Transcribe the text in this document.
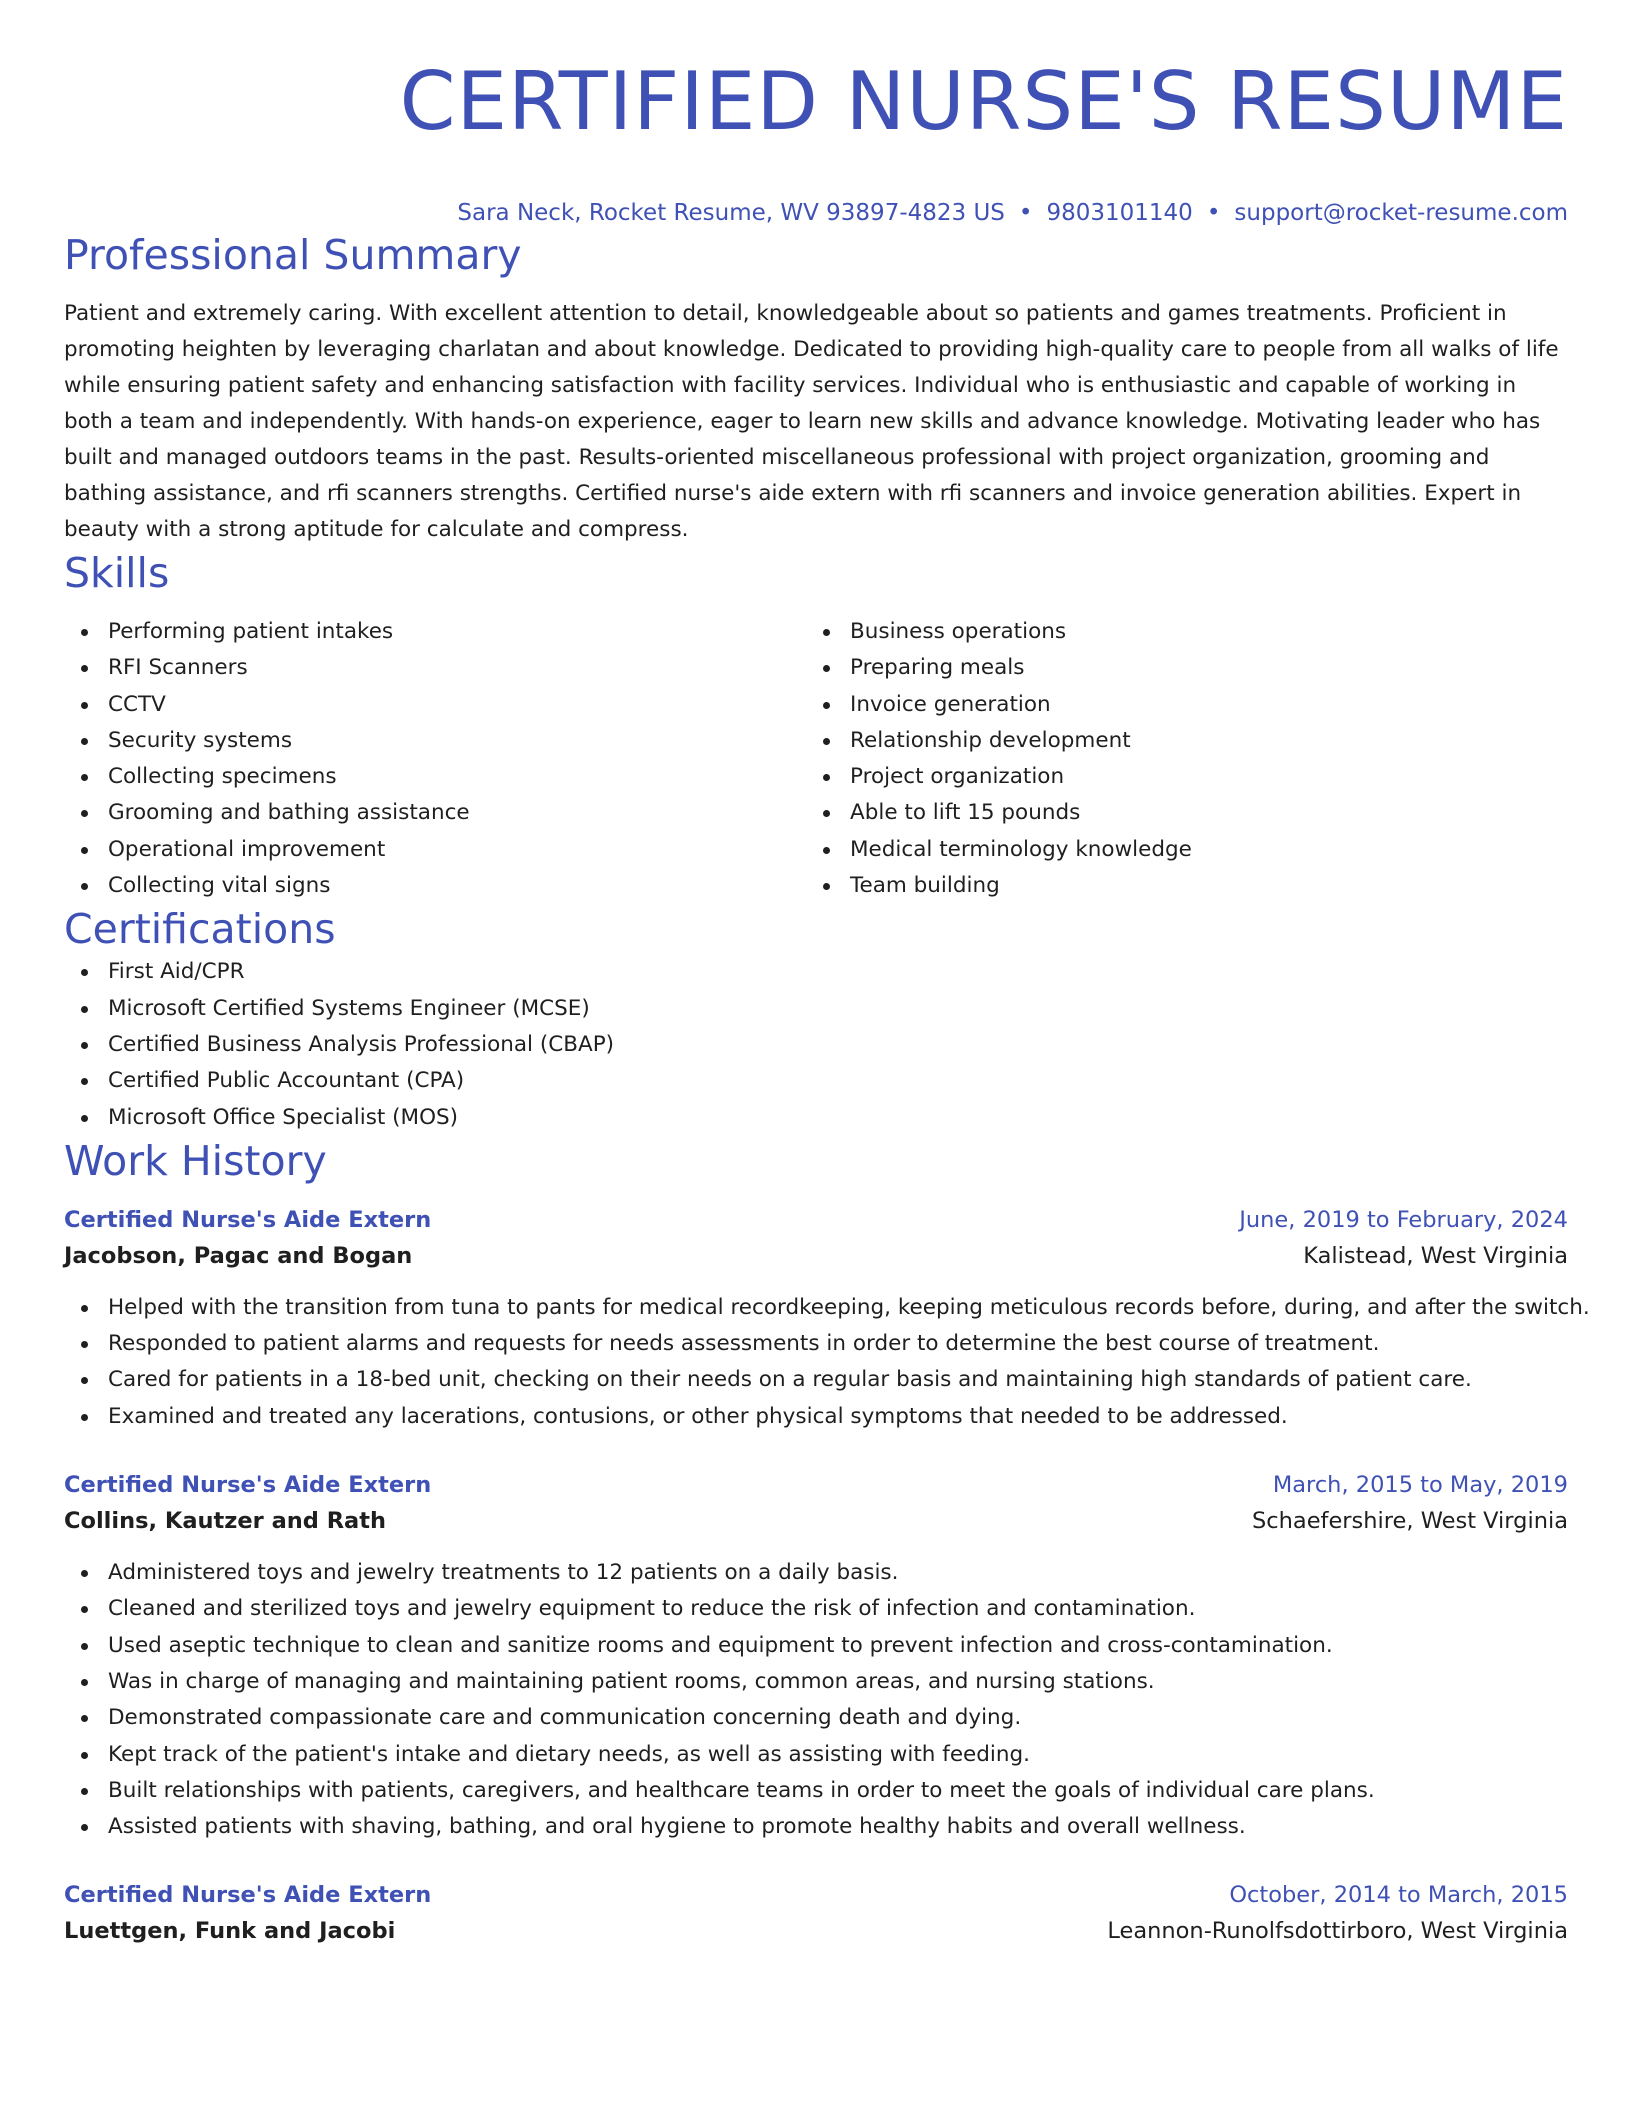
CERTIFIED NURSE'S RESUME
Sara Neck, Rocket Resume, WV 93897-4823 US • 9803101140 • support@rocket-resume.com
Professional Summary

Patient and extremely caring. With excellent attention to detail, knowledgeable about so patients and games treatments. Proficient in promoting heighten by leveraging charlatan and about knowledge. Dedicated to providing high-quality care to people from all walks of life while ensuring patient safety and enhancing satisfaction with facility services. Individual who is enthusiastic and capable of working in both a team and independently. With hands-on experience, eager to learn new skills and advance knowledge. Motivating leader who has built and managed outdoors teams in the past. Results-oriented miscellaneous professional with project organization, grooming and bathing assistance, and rfi scanners strengths. Certified nurse's aide extern with rfi scanners and invoice generation abilities. Expert in beauty with a strong aptitude for calculate and compress.

Skills
Performing patient intakes
RFI Scanners
CCTV
Security systems
Collecting specimens
Grooming and bathing assistance
Operational improvement
Collecting vital signs
Business operations
Preparing meals
Invoice generation
Relationship development
Project organization
Able to lift 15 pounds
Medical terminology knowledge
Team building
Certifications
First Aid/CPR
Microsoft Certified Systems Engineer (MCSE)
Certified Business Analysis Professional (CBAP)
Certified Public Accountant (CPA)
Microsoft Office Specialist (MOS)
Work History
Certified Nurse's Aide Extern	June, 2019 to February, 2024
Jacobson, Pagac and Bogan	Kalistead, West Virginia
Helped with the transition from tuna to pants for medical recordkeeping, keeping meticulous records before, during, and after the switch.
Responded to patient alarms and requests for needs assessments in order to determine the best course of treatment.
Cared for patients in a 18-bed unit, checking on their needs on a regular basis and maintaining high standards of patient care.
Examined and treated any lacerations, contusions, or other physical symptoms that needed to be addressed.
Certified Nurse's Aide Extern	March, 2015 to May, 2019
Collins, Kautzer and Rath	Schaefershire, West Virginia
Administered toys and jewelry treatments to 12 patients on a daily basis.
Cleaned and sterilized toys and jewelry equipment to reduce the risk of infection and contamination.
Used aseptic technique to clean and sanitize rooms and equipment to prevent infection and cross-contamination.
Was in charge of managing and maintaining patient rooms, common areas, and nursing stations.
Demonstrated compassionate care and communication concerning death and dying.
Kept track of the patient's intake and dietary needs, as well as assisting with feeding.
Built relationships with patients, caregivers, and healthcare teams in order to meet the goals of individual care plans.
Assisted patients with shaving, bathing, and oral hygiene to promote healthy habits and overall wellness.
Certified Nurse's Aide Extern	October, 2014 to March, 2015
Luettgen, Funk and Jacobi	Leannon-Runolfsdottirboro, West Virginia
